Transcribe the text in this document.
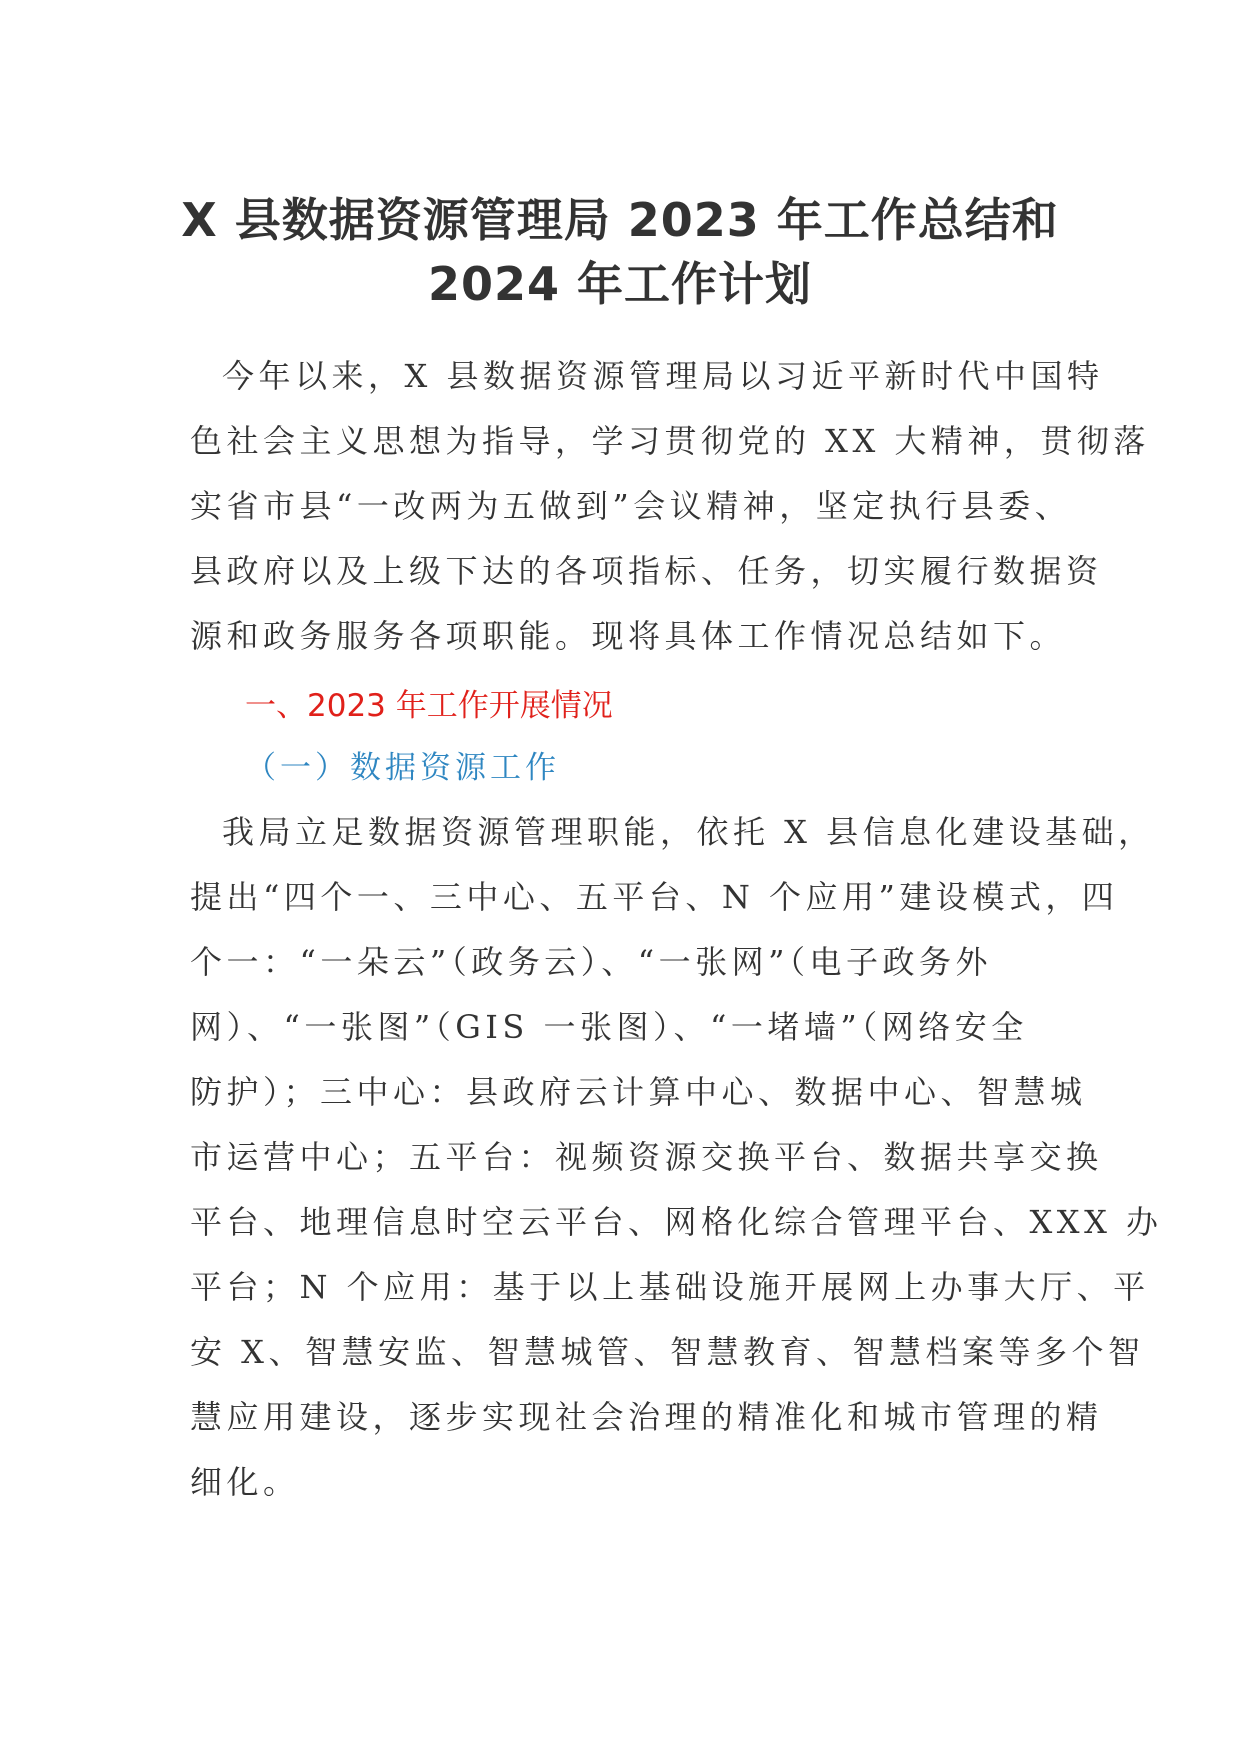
X 县数据资源管理局 2023 年工作总结和
2024 年工作计划
今年以来，X 县数据资源管理局以习近平新时代中国特
色社会主义思想为指导，学习贯彻党的 XX 大精神，贯彻落
实省市县“一改两为五做到”会议精神，坚定执行县委、
县政府以及上级下达的各项指标、任务，切实履行数据资
源和政务服务各项职能。现将具体工作情况总结如下。
一、2023 年工作开展情况
（一）数据资源工作
我局立足数据资源管理职能，依托 X 县信息化建设基础，
提出“四个一、三中心、五平台、N 个应用”建设模式，四
个一：“一朵云”（政务云）、“一张网”（电子政务外
网）、“一张图”（GIS 一张图）、“一堵墙”（网络安全
防护）；三中心：县政府云计算中心、数据中心、智慧城
市运营中心；五平台：视频资源交换平台、数据共享交换
平台、地理信息时空云平台、网格化综合管理平台、XXX 办
平台；N 个应用：基于以上基础设施开展网上办事大厅、平
安 X、智慧安监、智慧城管、智慧教育、智慧档案等多个智
慧应用建设，逐步实现社会治理的精准化和城市管理的精
细化。
